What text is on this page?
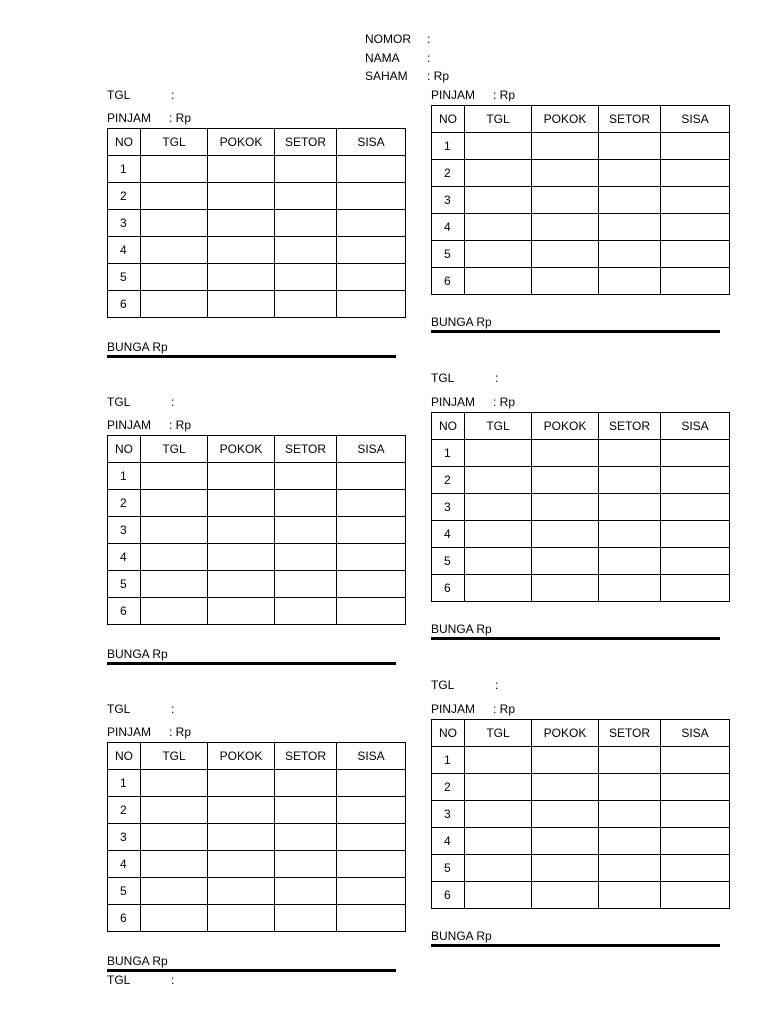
NOMOR :
NAMA :
SAHAM : Rp
TGL	:
PINJAM : Rp
NO	TGL	POKOK	SETOR	SISA
1				
2				
3				
4				
5				
6				
BUNGA Rp
TGL	:
PINJAM : Rp
NO	TGL	POKOK	SETOR	SISA
1				
2				
3				
4				
5				
6				
BUNGA Rp
TGL	:
PINJAM : Rp
NO	TGL	POKOK	SETOR	SISA
1				
2				
3				
4				
5				
6				
BUNGA Rp
PINJAM : Rp
NO	TGL	POKOK	SETOR	SISA
1				
2				
3				
4				
5				
6				
BUNGA Rp
TGL	:
PINJAM : Rp
NO	TGL	POKOK	SETOR	SISA
1				
2				
3				
4				
5				
6				
BUNGA Rp
TGL	:
PINJAM : Rp
NO	TGL	POKOK	SETOR	SISA
1				
2				
3				
4				
5				
6				
BUNGA Rp
TGL	:
